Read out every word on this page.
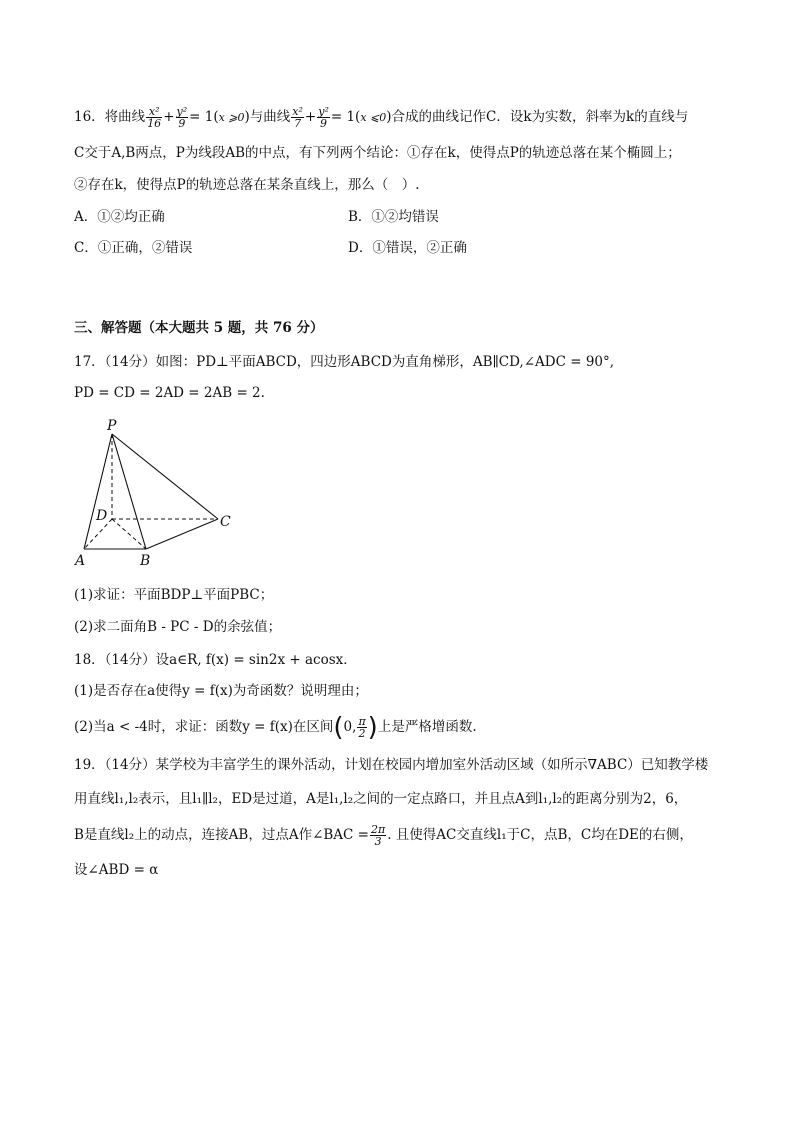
16．将曲线 $\frac{\text{x²}}{16} + \frac{\text{y²}}{9} = 1(x$ ⩾0)与曲线 $\frac{\text{x²}}{7} + \frac{\text{y²}}{9} = 1(x$ ⩽0)合成的曲线记作C．设k为实数，斜率为k的直线与
C交于A,B两点，P为线段AB的中点，有下列两个结论：①存在k，使得点P的轨迹总落在某个椭圆上；
②存在k，使得点P的轨迹总落在某条直线上，那么（　）.
A．①②均正确	B．①②均错误
C．①正确，②错误	D．①错误，②正确
三、解答题（本大题共 5 题，共 76 分）
17．（14分）如图：PD⊥平面ABCD，四边形ABCD为直角梯形，AB∥CD,∠ADC = 90°,
PD = CD = 2AD = 2AB = 2.
P
D	C
A	B
(1)求证：平面BDP⊥平面PBC；
(2)求二面角B - PC - D的余弦值；
18．（14分）设a∈R, f(x) = sin2x + acosx．
(1)是否存在a使得y = f(x)为奇函数？说明理由；
(2)当a < -4时，求证：函数y = f(x)在区间(0, $\frac{\pi}{2}$ )上是严格增函数.
19．（14分）某学校为丰富学生的课外活动，计划在校园内增加室外活动区域（如所示∇ABC）已知教学楼
用直线l₁,l₂表示，且l₁∥l₂，ED是过道，A是l₁,l₂之间的一定点路口，并且点A到l₁,l₂的距离分别为2，6，
B是直线l₂上的动点，连接AB，过点A作∠BAC = $\frac{2\pi}{3}$ . 且使得AC交直线l₁于C，点B，C均在DE的右侧，
设∠ABD = α
